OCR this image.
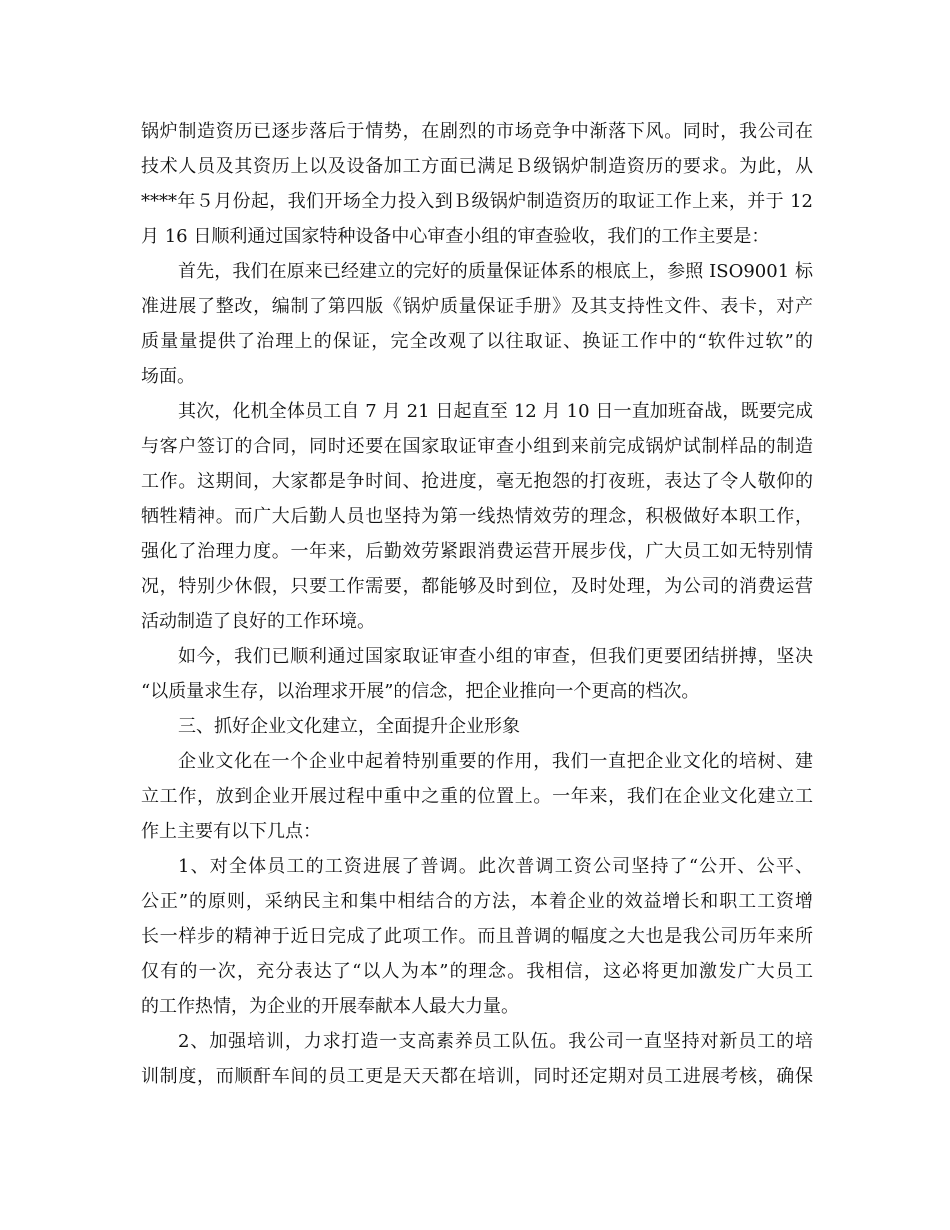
锅炉制造资历已逐步落后于情势，在剧烈的市场竞争中渐落下风。同时，我公司在
技术人员及其资历上以及设备加工方面已满足Ｂ级锅炉制造资历的要求。为此，从
****年５月份起，我们开场全力投入到Ｂ级锅炉制造资历的取证工作上来，并于 12
月 16 日顺利通过国家特种设备中心审查小组的审查验收，我们的工作主要是：
首先，我们在原来已经建立的完好的质量保证体系的根底上，参照 ISO9001 标
准进展了整改，编制了第四版《锅炉质量保证手册》及其支持性文件、表卡，对产
质量量提供了治理上的保证，完全改观了以往取证、换证工作中的“软件过软”的
场面。
其次，化机全体员工自 7 月 21 日起直至 12 月 10 日一直加班奋战，既要完成
与客户签订的合同，同时还要在国家取证审查小组到来前完成锅炉试制样品的制造
工作。这期间，大家都是争时间、抢进度，毫无抱怨的打夜班，表达了令人敬仰的
牺牲精神。而广大后勤人员也坚持为第一线热情效劳的理念，积极做好本职工作，
强化了治理力度。一年来，后勤效劳紧跟消费运营开展步伐，广大员工如无特别情
况，特别少休假，只要工作需要，都能够及时到位，及时处理，为公司的消费运营
活动制造了良好的工作环境。
如今，我们已顺利通过国家取证审查小组的审查，但我们更要团结拼搏，坚决
“以质量求生存，以治理求开展”的信念，把企业推向一个更高的档次。
三、抓好企业文化建立，全面提升企业形象
企业文化在一个企业中起着特别重要的作用，我们一直把企业文化的培树、建
立工作，放到企业开展过程中重中之重的位置上。一年来，我们在企业文化建立工
作上主要有以下几点：
1、对全体员工的工资进展了普调。此次普调工资公司坚持了“公开、公平、
公正”的原则，采纳民主和集中相结合的方法，本着企业的效益增长和职工工资增
长一样步的精神于近日完成了此项工作。而且普调的幅度之大也是我公司历年来所
仅有的一次，充分表达了“以人为本”的理念。我相信，这必将更加激发广大员工
的工作热情，为企业的开展奉献本人最大力量。
2、加强培训，力求打造一支高素养员工队伍。我公司一直坚持对新员工的培
训制度，而顺酐车间的员工更是天天都在培训，同时还定期对员工进展考核，确保
